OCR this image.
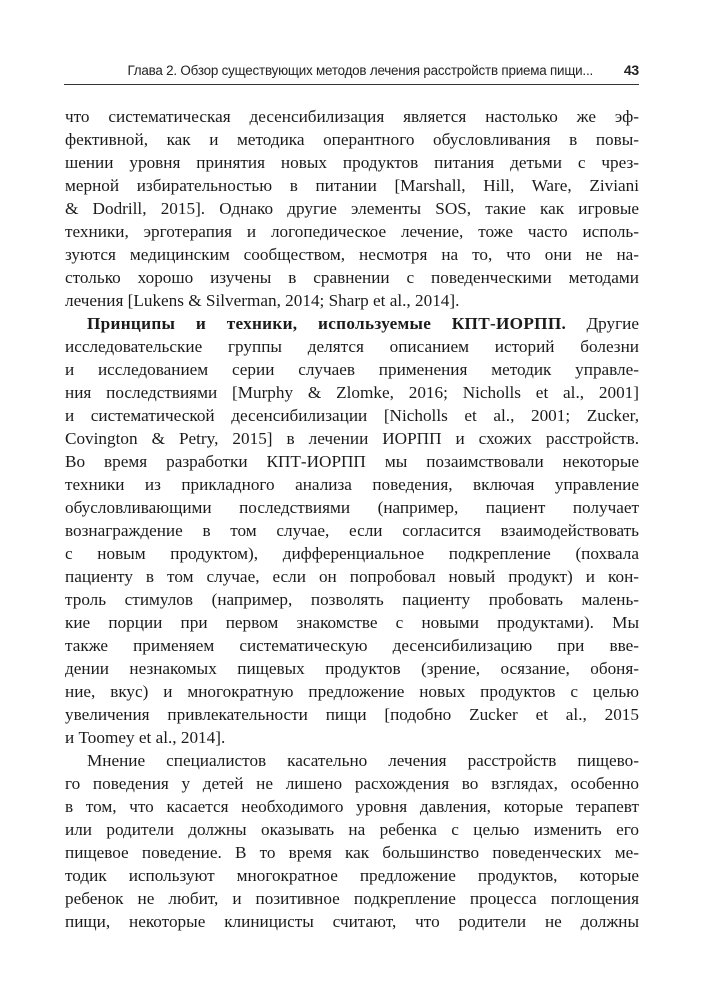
Глава 2. Обзор существующих методов лечения расстройств приема пищи... 43
что систематическая десенсибилизация является настолько же эф-
фективной, как и методика оперантного обусловливания в повы-
шении уровня принятия новых продуктов питания детьми с чрез-
мерной избирательностью в питании [Marshall, Hill, Ware, Ziviani
& Dodrill, 2015]. Однако другие элементы SOS, такие как игровые
техники, эрготерапия и логопедическое лечение, тоже часто исполь-
зуются медицинским сообществом, несмотря на то, что они не на-
столько хорошо изучены в сравнении с поведенческими методами
лечения [Lukens & Silverman, 2014; Sharp et al., 2014].
Принципы и техники, используемые КПТ-ИОРПП. Другие
исследовательские группы делятся описанием историй болезни
и исследованием серии случаев применения методик управле-
ния последствиями [Murphy & Zlomke, 2016; Nicholls et al., 2001]
и систематической десенсибилизации [Nicholls et al., 2001; Zucker,
Covington & Petry, 2015] в лечении ИОРПП и схожих расстройств.
Во время разработки КПТ-ИОРПП мы позаимствовали некоторые
техники из прикладного анализа поведения, включая управление
обусловливающими последствиями (например, пациент получает
вознаграждение в том случае, если согласится взаимодействовать
с новым продуктом), дифференциальное подкрепление (похвала
пациенту в том случае, если он попробовал новый продукт) и кон-
троль стимулов (например, позволять пациенту пробовать малень-
кие порции при первом знакомстве с новыми продуктами). Мы
также применяем систематическую десенсибилизацию при вве-
дении незнакомых пищевых продуктов (зрение, осязание, обоня-
ние, вкус) и многократную предложение новых продуктов с целью
увеличения привлекательности пищи [подобно Zucker et al., 2015
и Toomey et al., 2014].
Мнение специалистов касательно лечения расстройств пищево-
го поведения у детей не лишено расхождения во взглядах, особенно
в том, что касается необходимого уровня давления, которые терапевт
или родители должны оказывать на ребенка с целью изменить его
пищевое поведение. В то время как большинство поведенческих ме-
тодик используют многократное предложение продуктов, которые
ребенок не любит, и позитивное подкрепление процесса поглощения
пищи, некоторые клиницисты считают, что родители не должны
